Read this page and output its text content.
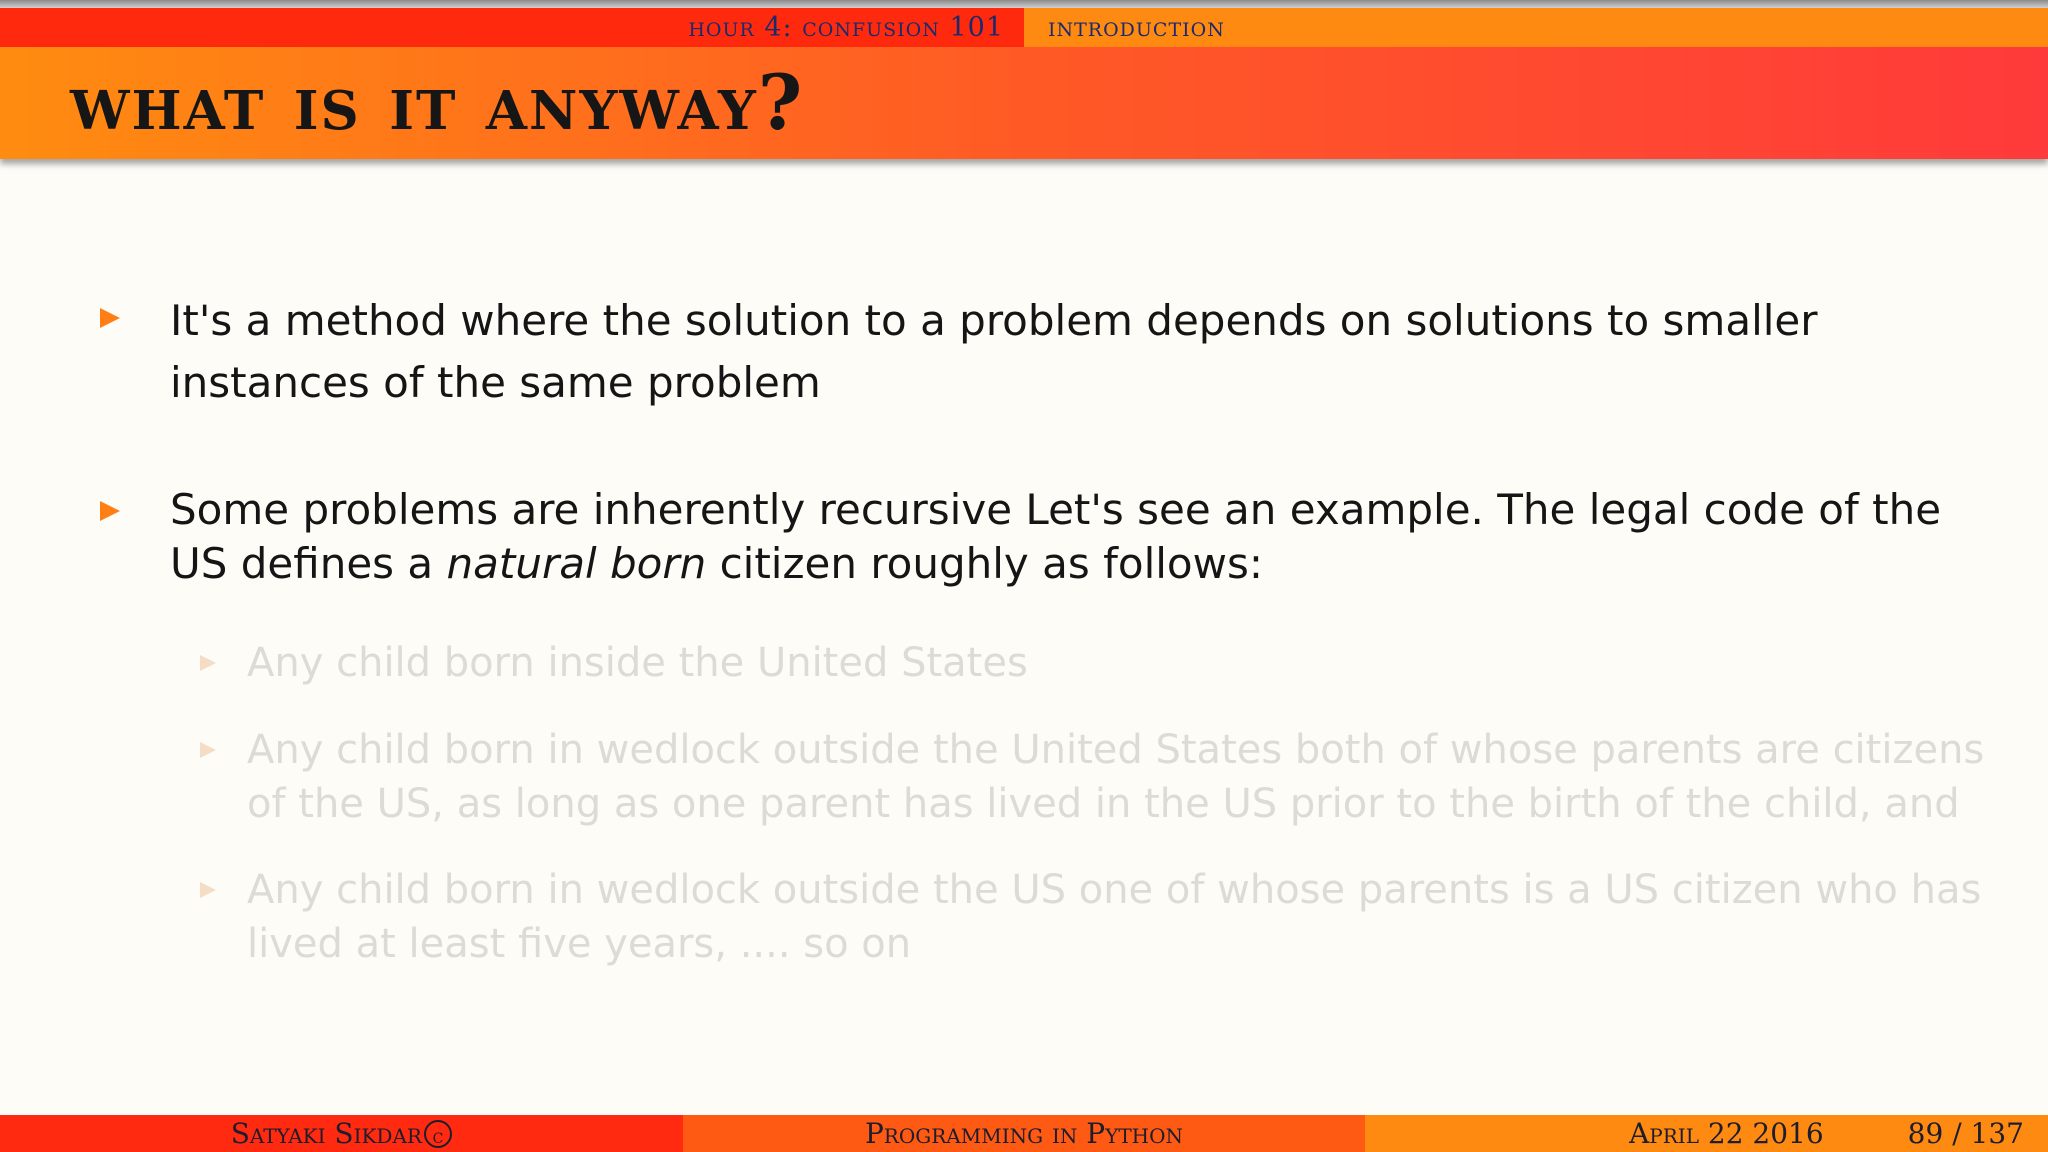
hour 4: confusion 101 introduction
what is it anyway?
It's a method where the solution to a problem depends on solutions to smaller instances of the same problem
Some problems are inherently recursive Let's see an example. The legal code of the US defines a natural born citizen roughly as follows:
Any child born inside the United States
Any child born in wedlock outside the United States both of whose parents are citizens of the US, as long as one parent has lived in the US prior to the birth of the child, and
Any child born in wedlock outside the US one of whose parents is a US citizen who has lived at least five years, .... so on
Satyaki Sikdar c	Programming in Python	April 22 2016	89 / 137
